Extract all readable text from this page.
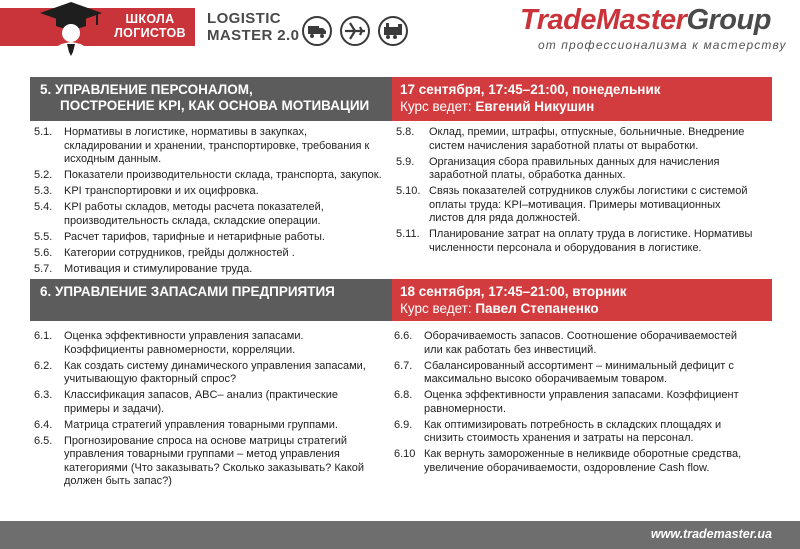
ШКОЛА
ЛОГИСТОВ
LOGISTIC
MASTER 2.0	TradeMasterGroup
от профессионализма к мастерству
5. УПРАВЛЕНИЕ ПЕРСОНАЛОМ,
ПОСТРОЕНИЕ KPI, КАК ОСНОВА МОТИВАЦИИ
17 сентября, 17:45–21:00, понедельник
Курс ведет: Евгений Никушин
5.1. Нормативы в логистике, нормативы в закупках, складировании и хранении, транспортировке, требования к исходным данным.
5.2. Показатели производительности склада, транспорта, закупок.
5.3. KPI транспортировки и их оцифровка.
5.4. KPI работы складов, методы расчета показателей, производительность склада, складские операции.
5.5. Расчет тарифов, тарифные и нетарифные работы.
5.6. Категории сотрудников, грейды должностей .
5.7. Мотивация и стимулирование труда.
5.8. Оклад, премии, штрафы, отпускные, больничные. Внедрение систем начисления заработной платы от выработки.
5.9. Организация сбора правильных данных для начисления заработной платы, обработка данных.
5.10. Связь показателей сотрудников службы логистики с системой оплаты труда: KPI–мотивация. Примеры мотивационных листов для ряда должностей.
5.11. Планирование затрат на оплату труда в логистике. Нормативы численности персонала и оборудования в логистике.
6. УПРАВЛЕНИЕ ЗАПАСАМИ ПРЕДПРИЯТИЯ	18 сентября, 17:45–21:00, вторник
Курс ведет: Павел Степаненко
6.1. Оценка эффективности управления запасами. Коэффициенты равномерности, корреляции.
6.2. Как создать систему динамического управления запасами, учитывающую факторный спрос?
6.3. Классификация запасов, ABC– анализ (практические примеры и задачи).
6.4. Матрица стратегий управления товарными группами.
6.5. Прогнозирование спроса на основе матрицы стратегий управления товарными группами – метод управления категориями (Что заказывать? Сколько заказывать? Какой должен быть запас?)
6.6. Оборачиваемость запасов. Соотношение оборачиваемостей или как работать без инвестиций.
6.7. Сбалансированный ассортимент – минимальный дефицит с максимально высоко оборачиваемым товаром.
6.8. Оценка эффективности управления запасами. Коэффициент равномерности.
6.9. Как оптимизировать потребность в складских площадях и снизить стоимость хранения и затраты на персонал.
6.10 Как вернуть замороженные в неликвиде оборотные средства, увеличение оборачиваемости, оздоровление Cash flow.
www.trademaster.ua
